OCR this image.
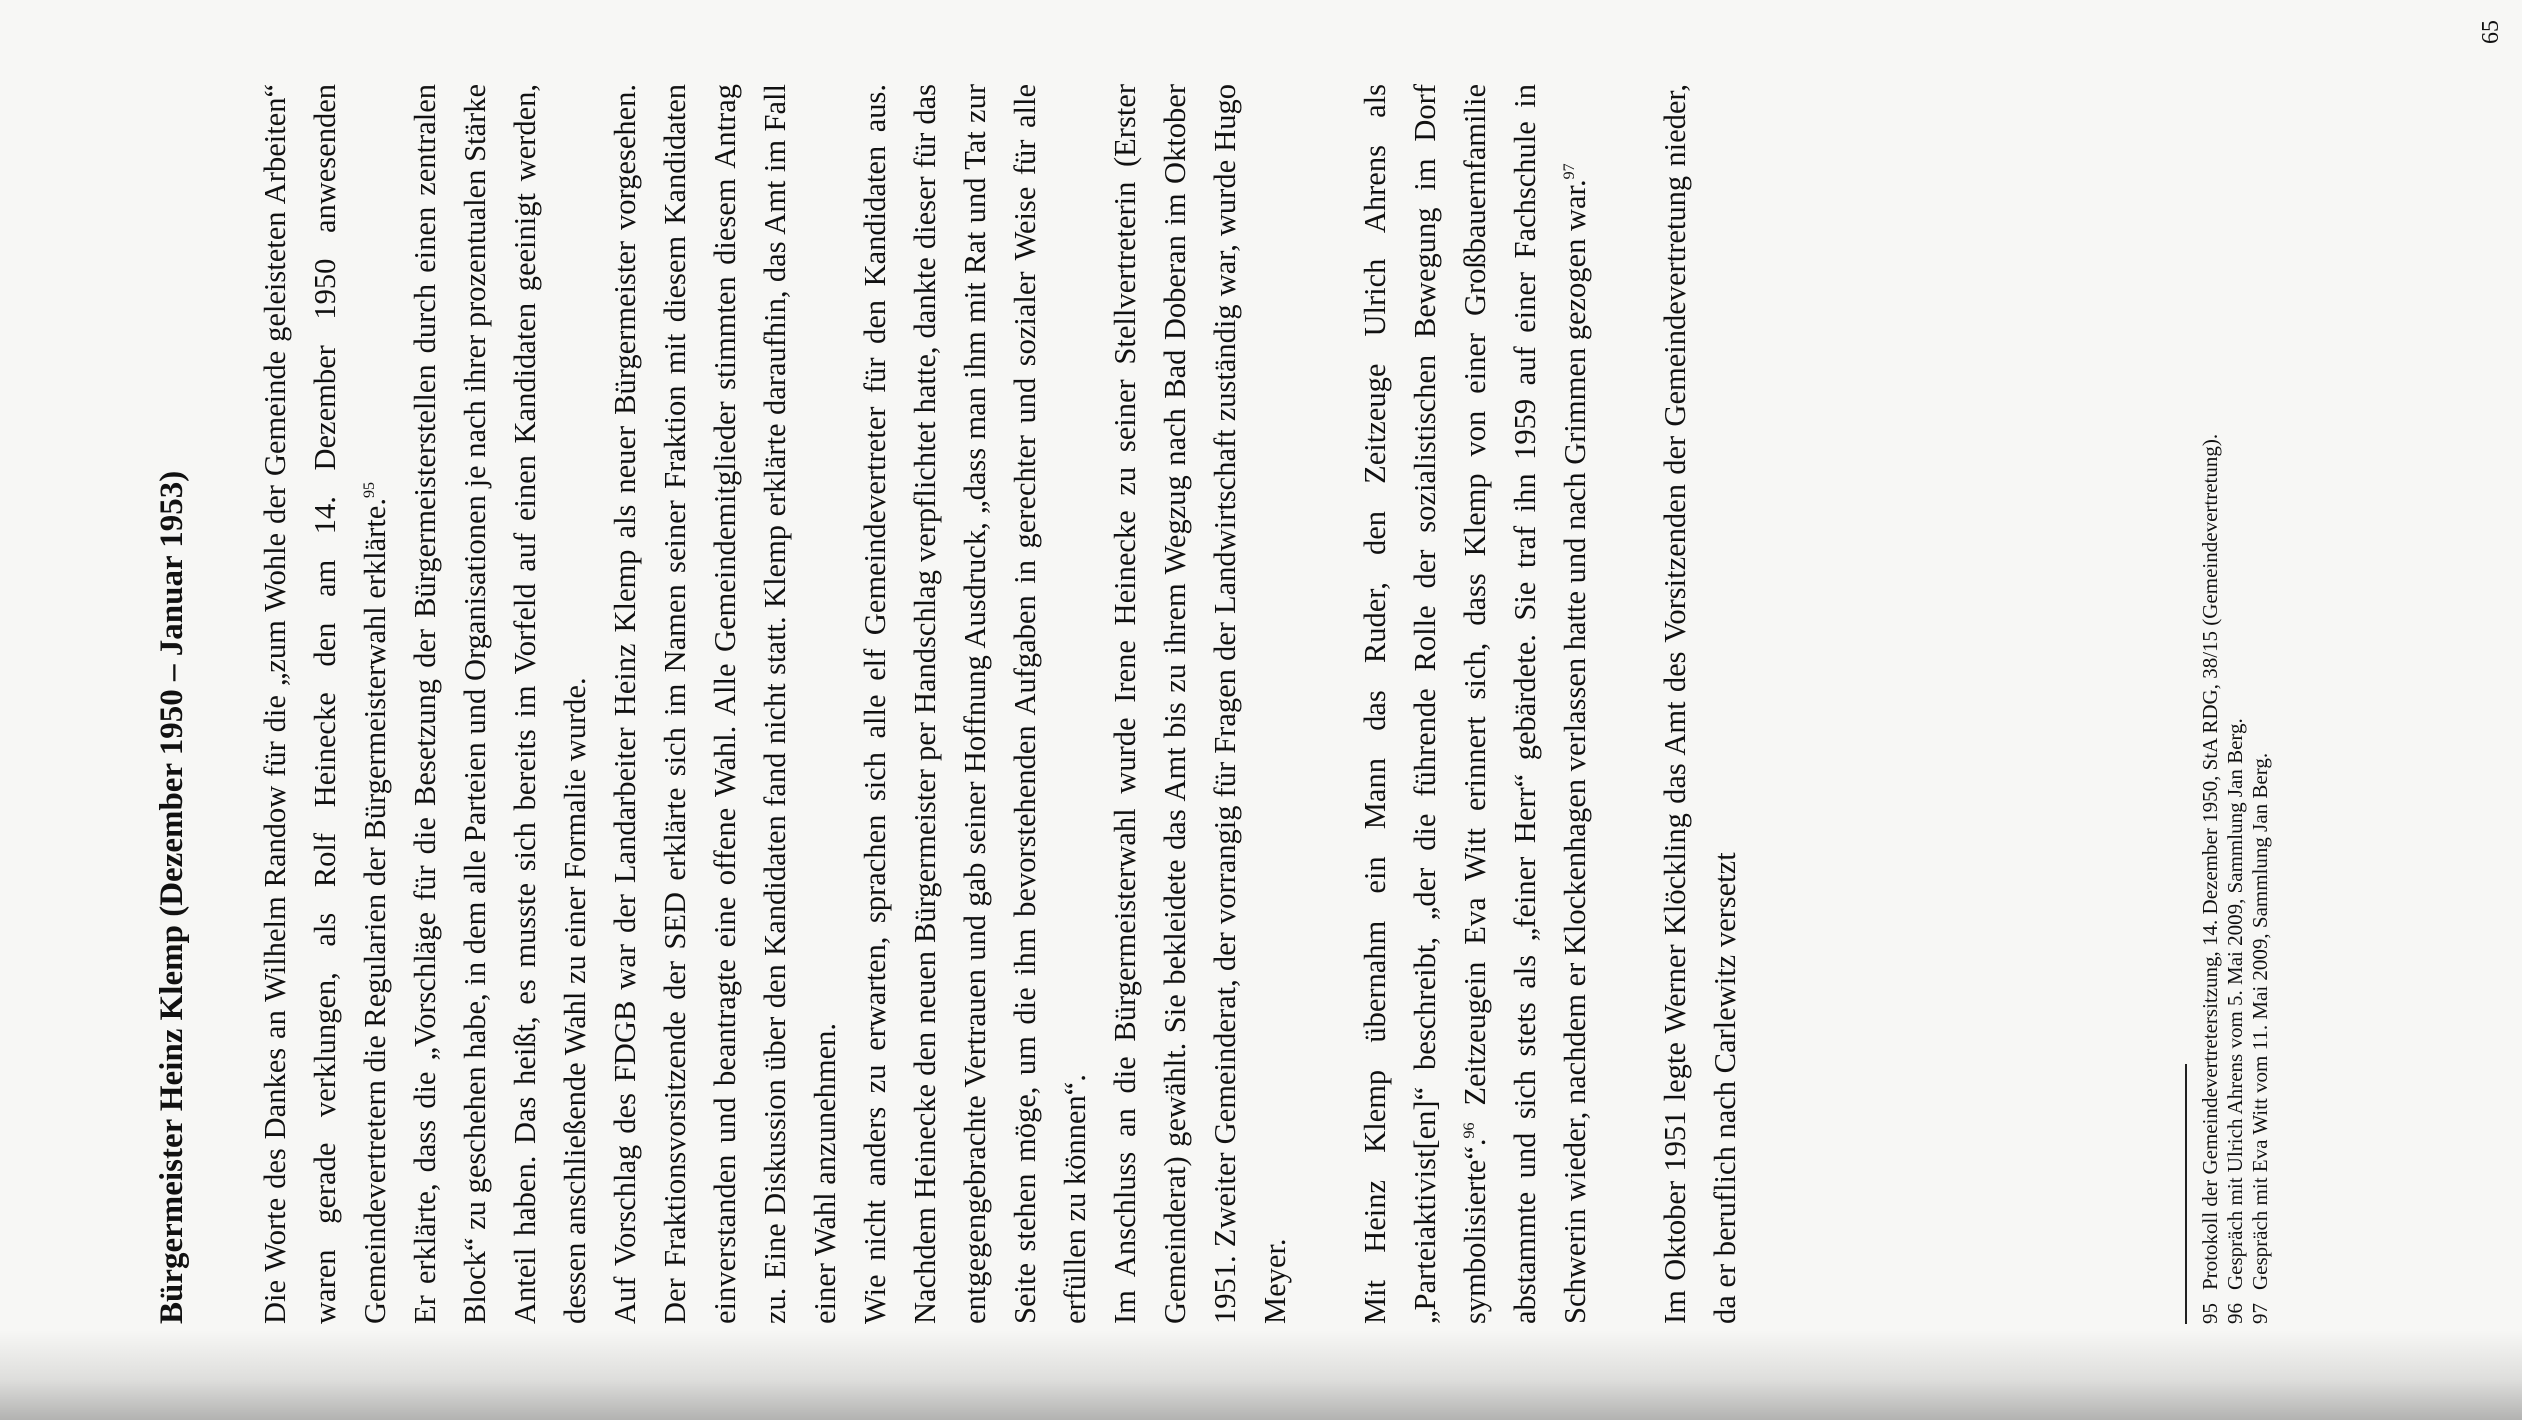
Bürgermeister Heinz Klemp (Dezember 1950 – Januar 1953) Die Worte des Dankes an Wilhelm Randow für die „zum Wohle der Gemeinde geleisteten Arbeiten“ waren gerade verklungen, als Rolf Heinecke den am 14. Dezember 1950 anwesenden Gemeindevertretern die Regularien der Bürgermeisterwahl erklärte.$^{95}$ Er erklärte, dass die „Vorschläge für die Besetzung der Bürgermeisterstellen durch einen zentralen Block“ zu geschehen habe, in dem alle Parteien und Organisationen je nach ihrer prozentualen Stärke Anteil haben. Das heißt, es musste sich bereits im Vorfeld auf einen Kandidaten geeinigt werden, dessen anschließende Wahl zu einer Formalie wurde. Auf Vorschlag des FDGB war der Landarbeiter Heinz Klemp als neuer Bürgermeister vorgesehen. Der Fraktionsvorsitzende der SED erklärte sich im Namen seiner Fraktion mit diesem Kandidaten einverstanden und beantragte eine offene Wahl. Alle Gemeindemitglieder stimmten diesem Antrag zu. Eine Diskussion über den Kandidaten fand nicht statt. Klemp erklärte daraufhin, das Amt im Fall einer Wahl anzunehmen. Wie nicht anders zu erwarten, sprachen sich alle elf Gemeindevertreter für den Kandidaten aus. Nachdem Heinecke den neuen Bürgermeister per Handschlag verpflichtet hatte, dankte dieser für das entgegengebrachte Vertrauen und gab seiner Hoffnung Ausdruck, „dass man ihm mit Rat und Tat zur Seite stehen möge, um die ihm bevorstehenden Aufgaben in gerechter und sozialer Weise für alle erfüllen zu können“. Im Anschluss an die Bürgermeisterwahl wurde Irene Heinecke zu seiner Stellvertreterin (Erster Gemeinderat) gewählt. Sie bekleidete das Amt bis zu ihrem Wegzug nach Bad Doberan im Oktober 1951. Zweiter Gemeinderat, der vorrangig für Fragen der Landwirtschaft zuständig war, wurde Hugo Meyer. Mit Heinz Klemp übernahm ein Mann das Ruder, den Zeitzeuge Ulrich Ahrens als „Parteiaktivist[en]“ beschreibt, „der die führende Rolle der sozialistischen Bewegung im Dorf symbolisierte“.$^{96}$ Zeitzeugein Eva Witt erinnert sich, dass Klemp von einer Großbauernfamilie abstammte und sich stets als „feiner Herr“ gebärdete. Sie traf ihn 1959 auf einer Fachschule in Schwerin wieder, nachdem er Klockenhagen verlassen hatte und nach Grimmen gezogen war.$^{97}$	Im Oktober 1951 legte Werner Klöckling das Amt des Vorsitzenden der Gemeindevertretung nieder, da er beruflich nach Carlewitz versetzt	95
Protokoll der Gemeindevertretersitzung, 14. Dezember 1950, StA RDG, 38/15 (Gemeindevertretung).
96
Gespräch mit Ulrich Ahrens vom 5. Mai 2009, Sammlung Jan Berg.
97
Gespräch mit Eva Witt vom 11. Mai 2009, Sammlung Jan Berg.
65
